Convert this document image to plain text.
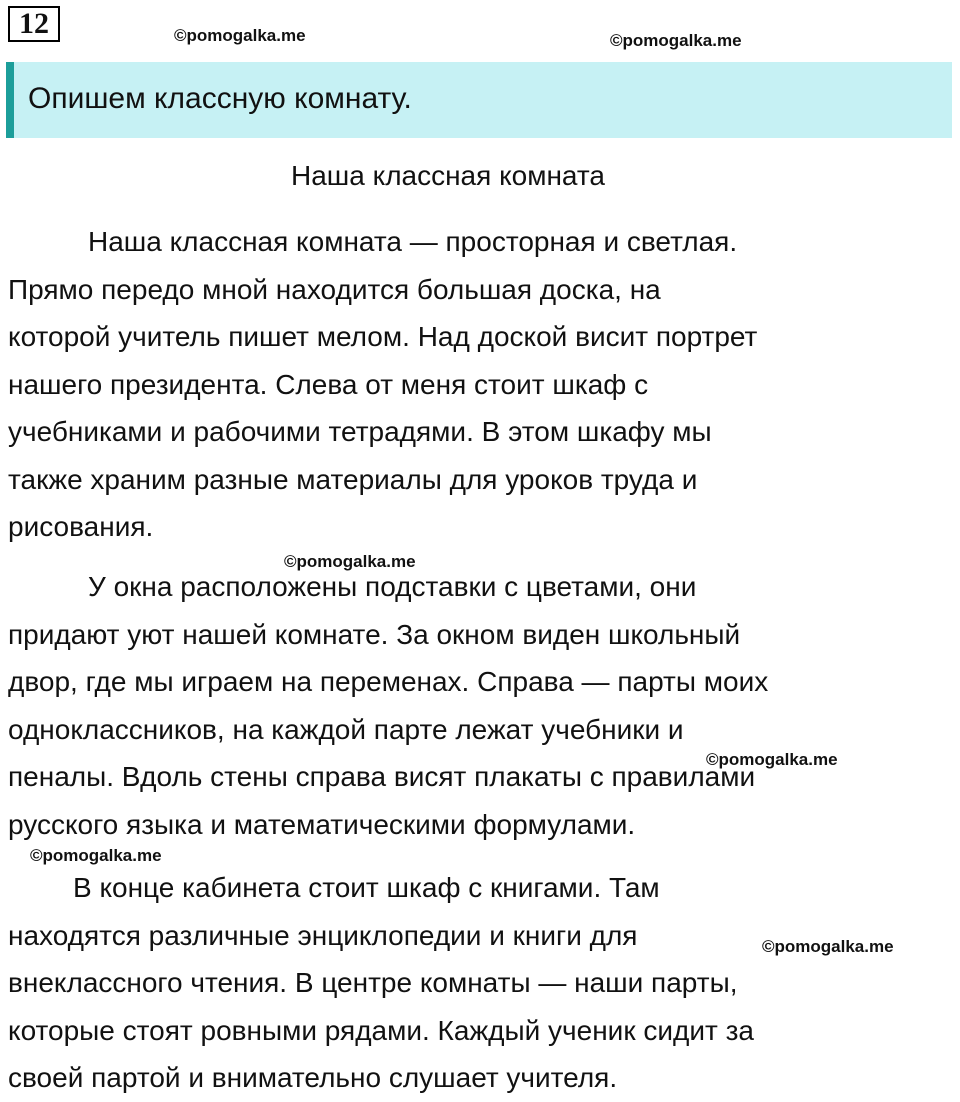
12
Опишем классную комнату.
Наша классная комната

Наша классная комната — просторная и светлая.
Прямо передо мной находится большая доска, на
которой учитель пишет мелом. Над доской висит портрет
нашего президента. Слева от меня стоит шкаф с
учебниками и рабочими тетрадями. В этом шкафу мы
также храним разные материалы для уроков труда и
рисования.

У окна расположены подставки с цветами, они
придают уют нашей комнате. За окном виден школьный
двор, где мы играем на переменах. Справа — парты моих
одноклассников, на каждой парте лежат учебники и
пеналы. Вдоль стены справа висят плакаты с правилами
русского языка и математическими формулами.

В конце кабинета стоит шкаф с книгами. Там
находятся различные энциклопедии и книги для
внеклассного чтения. В центре комнаты — наши парты,
которые стоят ровными рядами. Каждый ученик сидит за
своей партой и внимательно слушает учителя.

©pomogalka.me	©pomogalka.me
©pomogalka.me
©pomogalka.me
©pomogalka.me
©pomogalka.me
